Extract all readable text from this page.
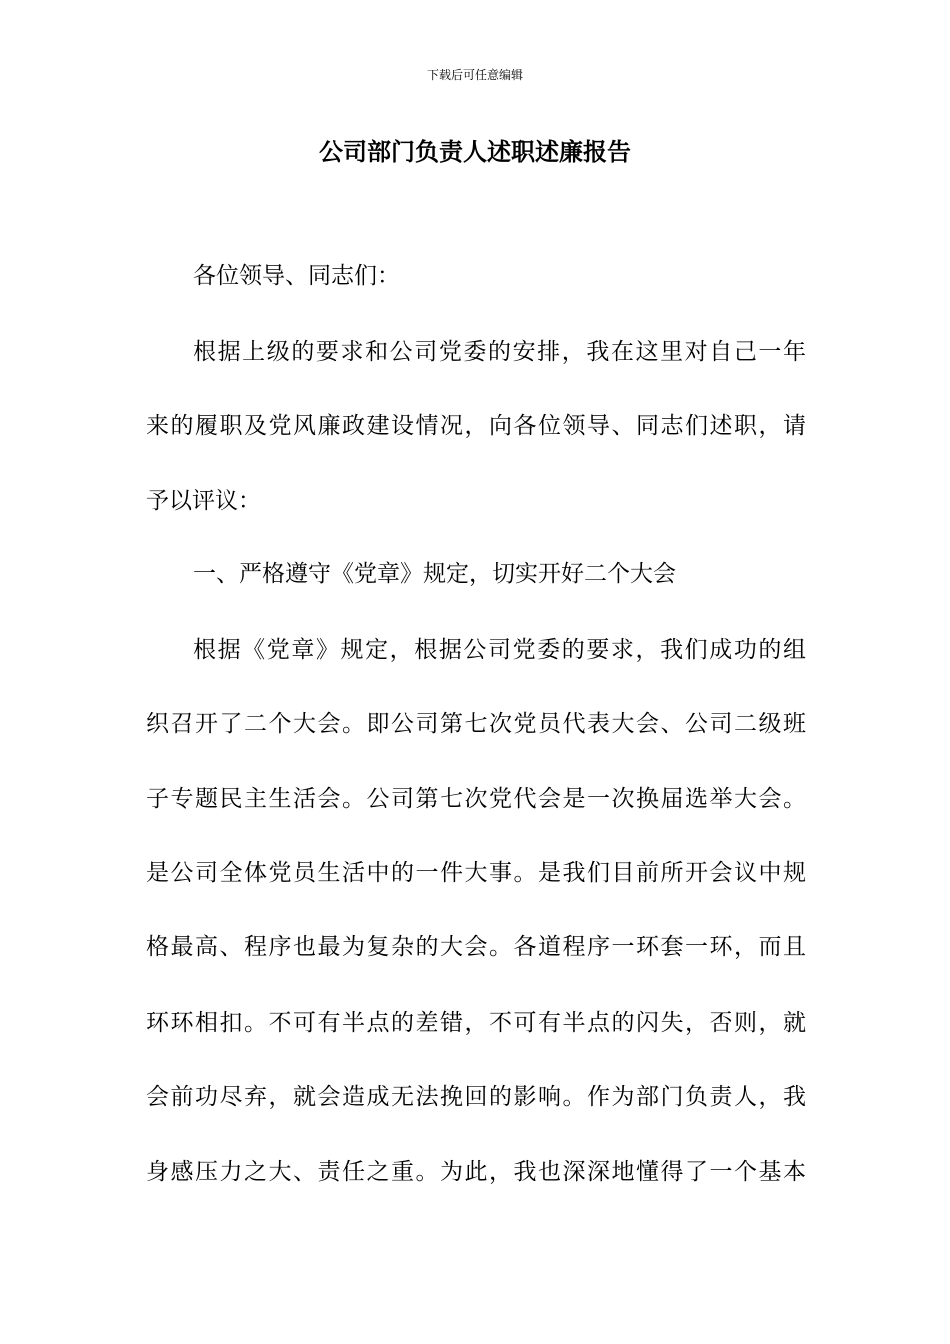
下载后可任意编辑
公司部门负责人述职述廉报告
各位领导、同志们：
根据上级的要求和公司党委的安排，我在这里对自己一年
来的履职及党风廉政建设情况，向各位领导、同志们述职，请
予以评议：
一、严格遵守《党章》规定，切实开好二个大会
根据《党章》规定，根据公司党委的要求，我们成功的组
织召开了二个大会。即公司第七次党员代表大会、公司二级班
子专题民主生活会。公司第七次党代会是一次换届选举大会。
是公司全体党员生活中的一件大事。是我们目前所开会议中规
格最高、程序也最为复杂的大会。各道程序一环套一环，而且
环环相扣。不可有半点的差错，不可有半点的闪失，否则，就
会前功尽弃，就会造成无法挽回的影响。作为部门负责人，我
身感压力之大、责任之重。为此，我也深深地懂得了一个基本
